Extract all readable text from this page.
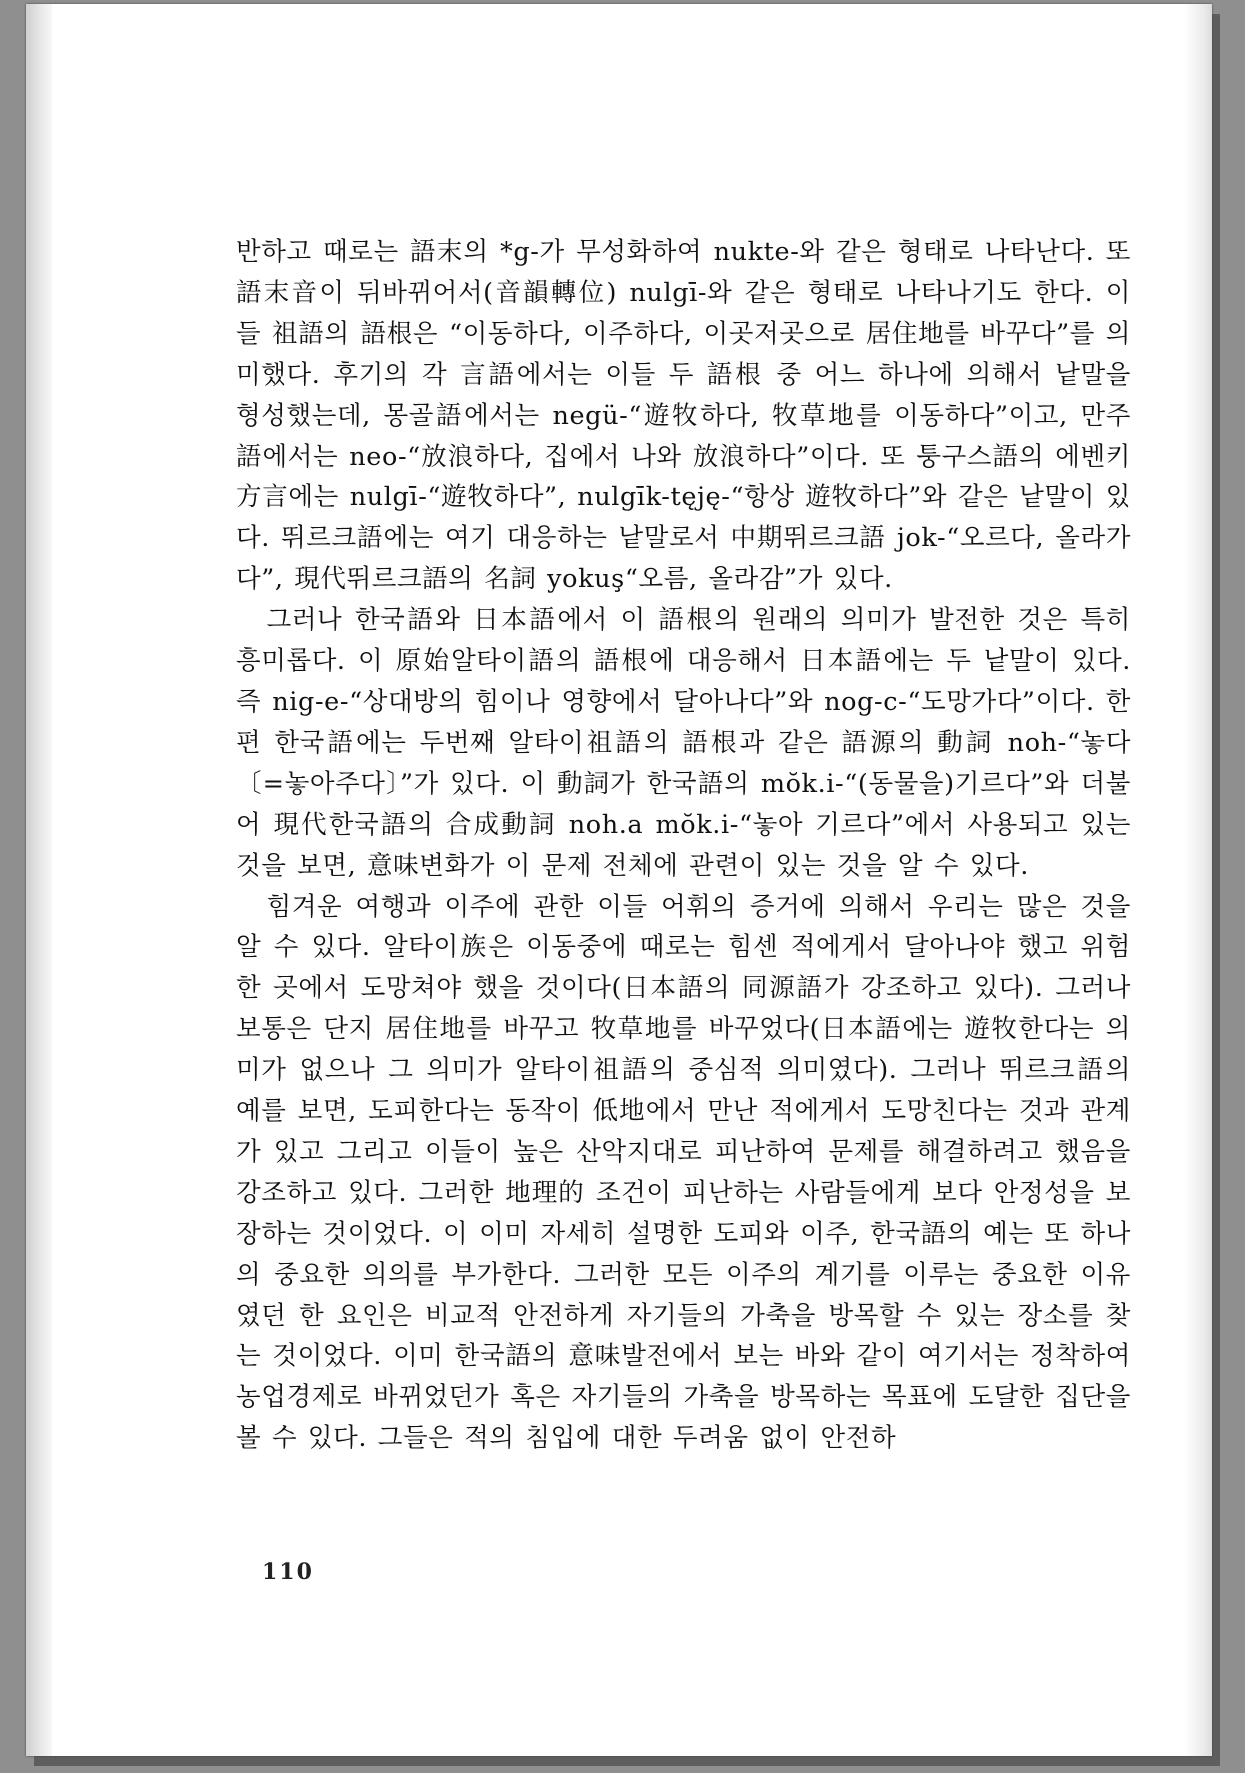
반하고 때로는 語末의 *g-가 무성화하여 nukte-와 같은 형태로 나타난다. 또 語末音이 뒤바뀌어서(音韻轉位) nulgī-와 같은 형태로 나타나기도 한다. 이들 祖語의 語根은 “이동하다, 이주하다, 이곳저곳으로 居住地를 바꾸다”를 의미했다. 후기의 각 言語에서는 이들 두 語根 중 어느 하나에 의해서 낱말을 형성했는데, 몽골語에서는 negü-“遊牧하다, 牧草地를 이동하다”이고, 만주語에서는 neo-“放浪하다, 집에서 나와 放浪하다”이다. 또 퉁구스語의 에벤키方言에는 nulgī-“遊牧하다”, nulgīk-tęję-“항상 遊牧하다”와 같은 낱말이 있다. 뛰르크語에는 여기 대응하는 낱말로서 中期뛰르크語 jok-“오르다, 올라가다”, 現代뛰르크語의 名詞 yokuş“오름, 올라감”가 있다.

그러나 한국語와 日本語에서 이 語根의 원래의 의미가 발전한 것은 특히 흥미롭다. 이 原始알타이語의 語根에 대응해서 日本語에는 두 낱말이 있다. 즉 nig-e-“상대방의 힘이나 영향에서 달아나다”와 nog-c-“도망가다”이다. 한편 한국語에는 두번째 알타이祖語의 語根과 같은 語源의 動詞 noh-“놓다〔=놓아주다〕”가 있다. 이 動詞가 한국語의 mŏk.i-“(동물을)기르다”와 더불어 現代한국語의 合成動詞 noh.a mŏk.i-“놓아 기르다”에서 사용되고 있는 것을 보면, 意味변화가 이 문제 전체에 관련이 있는 것을 알 수 있다.

힘겨운 여행과 이주에 관한 이들 어휘의 증거에 의해서 우리는 많은 것을 알 수 있다. 알타이族은 이동중에 때로는 힘센 적에게서 달아나야 했고 위험한 곳에서 도망쳐야 했을 것이다(日本語의 同源語가 강조하고 있다). 그러나 보통은 단지 居住地를 바꾸고 牧草地를 바꾸었다(日本語에는 遊牧한다는 의미가 없으나 그 의미가 알타이祖語의 중심적 의미였다). 그러나 뛰르크語의 예를 보면, 도피한다는 동작이 低地에서 만난 적에게서 도망친다는 것과 관계가 있고 그리고 이들이 높은 산악지대로 피난하여 문제를 해결하려고 했음을 강조하고 있다. 그러한 地理的 조건이 피난하는 사람들에게 보다 안정성을 보장하는 것이었다. 이 이미 자세히 설명한 도피와 이주, 한국語의 예는 또 하나의 중요한 의의를 부가한다. 그러한 모든 이주의 계기를 이루는 중요한 이유였던 한 요인은 비교적 안전하게 자기들의 가축을 방목할 수 있는 장소를 찾는 것이었다. 이미 한국語의 意味발전에서 보는 바와 같이 여기서는 정착하여 농업경제로 바뀌었던가 혹은 자기들의 가축을 방목하는 목표에 도달한 집단을 볼 수 있다. 그들은 적의 침입에 대한 두려움 없이 안전하

110
